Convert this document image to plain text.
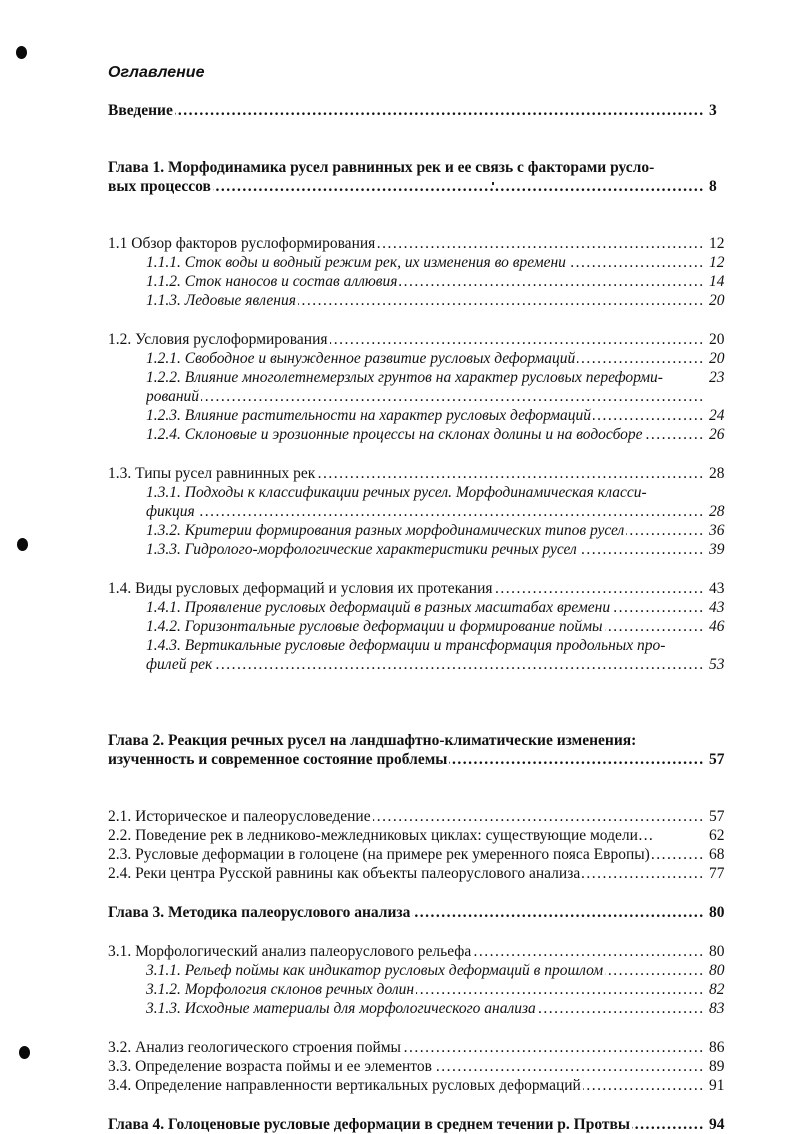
Оглавление
Введение .....	3
Глава 1. Морфодинамика русел равнинных рек и ее связь с факторами русло-
вых процессов .....	8
1.1 Обзор факторов руслоформирования .....	12
1.1.1. Сток воды и водный режим рек, их изменения во времени .....	12
1.1.2. Сток наносов и состав аллювия .....	14
1.1.3. Ледовые явления .....	20
1.2. Условия руслоформирования .....	20
1.2.1. Свободное и вынужденное развитие русловых деформаций .....	20
1.2.2. Влияние многолетнемерзлых грунтов на характер русловых переформи-	23
рований .....
1.2.3. Влияние растительности на характер русловых деформаций .....	24
1.2.4. Склоновые и эрозионные процессы на склонах долины и на водосборе .....	26
1.3. Типы русел равнинных рек .....	28
1.3.1. Подходы к классификации речных русел. Морфодинамическая класси-
фикция .....	28
1.3.2. Критерии формирования разных морфодинамических типов русел .....	36
1.3.3. Гидролого-морфологические характеристики речных русел .....	39
1.4. Виды русловых деформаций и условия их протекания .....	43
1.4.1. Проявление русловых деформаций в разных масштабах времени .....	43
1.4.2. Горизонтальные русловые деформации и формирование поймы .....	46
1.4.3. Вертикальные русловые деформации и трансформация продольных про-
филей рек .....	53
Глава 2. Реакция речных русел на ландшафтно-климатические изменения:
изученность и современное состояние проблемы .....	57
2.1. Историческое и палеорусловедение .....	57
2.2. Поведение рек в ледниково-межледниковых циклах: существующие модели…	62
2.3. Русловые деформации в голоцене (на примере рек умеренного пояса Европы) .....	68
2.4. Реки центра Русской равнины как объекты палеоруслового анализа .....	77
Глава 3. Методика палеоруслового анализа .....	80
3.1. Морфологический анализ палеоруслового рельефа .....	80
3.1.1. Рельеф поймы как индикатор русловых деформаций в прошлом .....	80
3.1.2. Морфология склонов речных долин .....	82
3.1.3. Исходные материалы для морфологического анализа .....	83
3.2. Анализ геологического строения поймы .....	86
3.3. Определение возраста поймы и ее элементов .....	89
3.4. Определение направленности вертикальных русловых деформаций .....	91
Глава 4. Голоценовые русловые деформации в среднем течении р. Протвы .....	94
